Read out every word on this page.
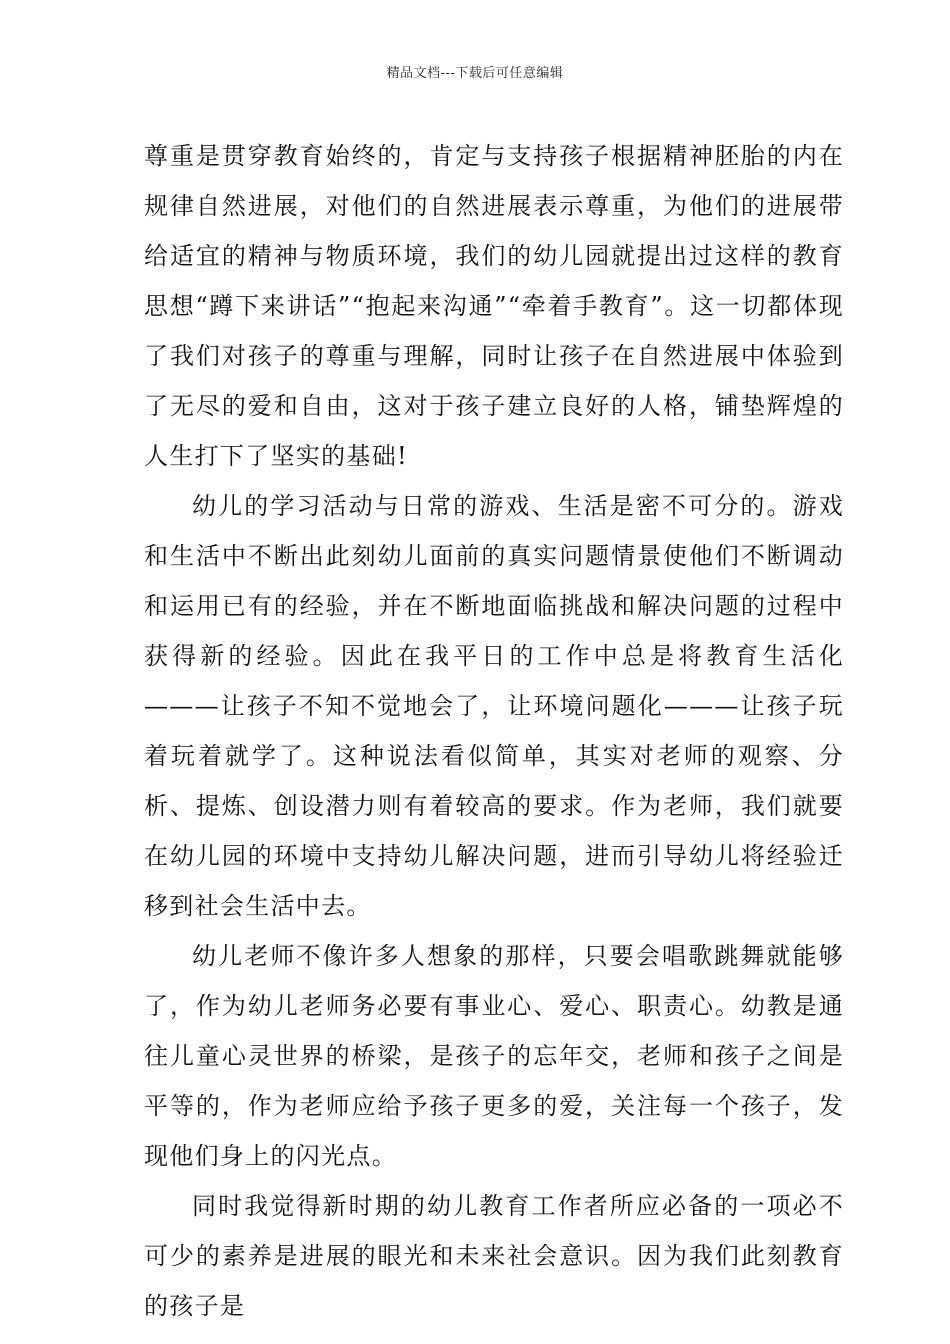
精品文档---下载后可任意编辑

尊重是贯穿教育始终的，肯定与支持孩子根据精神胚胎的内在规律自然进展，对他们的自然进展表示尊重，为他们的进展带给适宜的精神与物质环境，我们的幼儿园就提出过这样的教育思想“蹲下来讲话”“抱起来沟通”“牵着手教育”。这一切都体现了我们对孩子的尊重与理解，同时让孩子在自然进展中体验到了无尽的爱和自由，这对于孩子建立良好的人格，铺垫辉煌的人生打下了坚实的基础!

幼儿的学习活动与日常的游戏、生活是密不可分的。游戏和生活中不断出此刻幼儿面前的真实问题情景使他们不断调动和运用已有的经验，并在不断地面临挑战和解决问题的过程中获得新的经验。因此在我平日的工作中总是将教育生活化———让孩子不知不觉地会了，让环境问题化———让孩子玩着玩着就学了。这种说法看似简单，其实对老师的观察、分析、提炼、创设潜力则有着较高的要求。作为老师，我们就要在幼儿园的环境中支持幼儿解决问题，进而引导幼儿将经验迁移到社会生活中去。

幼儿老师不像许多人想象的那样，只要会唱歌跳舞就能够了，作为幼儿老师务必要有事业心、爱心、职责心。幼教是通往儿童心灵世界的桥梁，是孩子的忘年交，老师和孩子之间是平等的，作为老师应给予孩子更多的爱，关注每一个孩子，发现他们身上的闪光点。

同时我觉得新时期的幼儿教育工作者所应必备的一项必不可少的素养是进展的眼光和未来社会意识。因为我们此刻教育的孩子是
